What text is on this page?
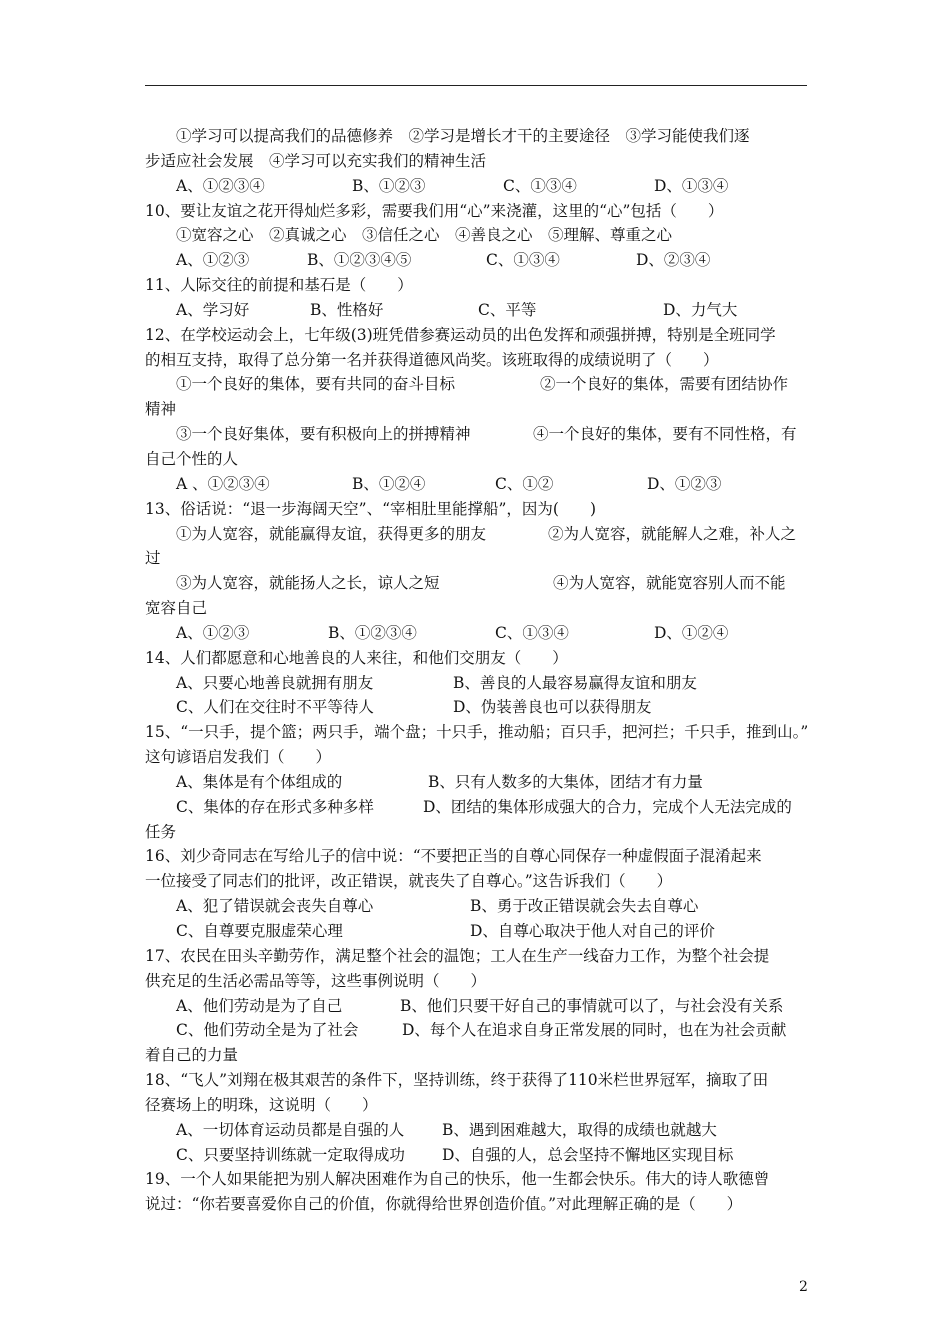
①学习可以提高我们的品德修养　②学习是增长才干的主要途径　③学习能使我们逐
步适应社会发展　④学习可以充实我们的精神生活
A、①②③④	B、①②③	C、①③④	D、①③④
10、要让友谊之花开得灿烂多彩，需要我们用“心”来浇灌，这里的“心”包括（　　）
①宽容之心　②真诚之心　③信任之心　④善良之心　⑤理解、尊重之心
A、①②③	B、①②③④⑤	C、①③④	D、②③④
11、人际交往的前提和基石是（　　）
A、学习好	B、性格好	C、平等	D、力气大
12、在学校运动会上，七年级(3)班凭借参赛运动员的出色发挥和顽强拼搏，特别是全班同学
的相互支持，取得了总分第一名并获得道德风尚奖。该班取得的成绩说明了（　　）
①一个良好的集体，要有共同的奋斗目标	②一个良好的集体，需要有团结协作
精神
③一个良好集体，要有积极向上的拼搏精神	④一个良好的集体，要有不同性格，有
自己个性的人
A 、①②③④	B、①②④	C、①②	D、①②③
13、俗话说：“退一步海阔天空”、“宰相肚里能撑船”，因为(　　)
①为人宽容，就能赢得友谊，获得更多的朋友	②为人宽容，就能解人之难，补人之
过
③为人宽容，就能扬人之长，谅人之短	④为人宽容，就能宽容别人而不能
宽容自己
A、①②③	B、①②③④	C、①③④	D、①②④
14、人们都愿意和心地善良的人来往，和他们交朋友（　　）
A、只要心地善良就拥有朋友	B、善良的人最容易赢得友谊和朋友
C、人们在交往时不平等待人	D、伪装善良也可以获得朋友
15、“一只手，提个篮；两只手，端个盘；十只手，推动船；百只手，把河拦；千只手，推到山。”
这句谚语启发我们（　　）
A、集体是有个体组成的	B、只有人数多的大集体，团结才有力量
C、集体的存在形式多种多样	D、团结的集体形成强大的合力，完成个人无法完成的
任务
16、刘少奇同志在写给儿子的信中说：“不要把正当的自尊心同保存一种虚假面子混淆起来
一位接受了同志们的批评，改正错误，就丧失了自尊心。”这告诉我们（　　）
A、犯了错误就会丧失自尊心	B、勇于改正错误就会失去自尊心
C、自尊要克服虚荣心理	D、自尊心取决于他人对自己的评价
17、农民在田头辛勤劳作，满足整个社会的温饱；工人在生产一线奋力工作，为整个社会提
供充足的生活必需品等等，这些事例说明（　　）
A、他们劳动是为了自己	B、他们只要干好自己的事情就可以了，与社会没有关系
C、他们劳动全是为了社会	D、每个人在追求自身正常发展的同时，也在为社会贡献
着自己的力量
18、“飞人”刘翔在极其艰苦的条件下，坚持训练，终于获得了110米栏世界冠军，摘取了田
径赛场上的明珠，这说明（　　）
A、一切体育运动员都是自强的人 B、遇到困难越大，取得的成绩也就越大
C、只要坚持训练就一定取得成功 D、自强的人，总会坚持不懈地区实现目标
19、一个人如果能把为别人解决困难作为自己的快乐，他一生都会快乐。伟大的诗人歌德曾
说过：“你若要喜爱你自己的价值，你就得给世界创造价值。”对此理解正确的是（　　）
2
